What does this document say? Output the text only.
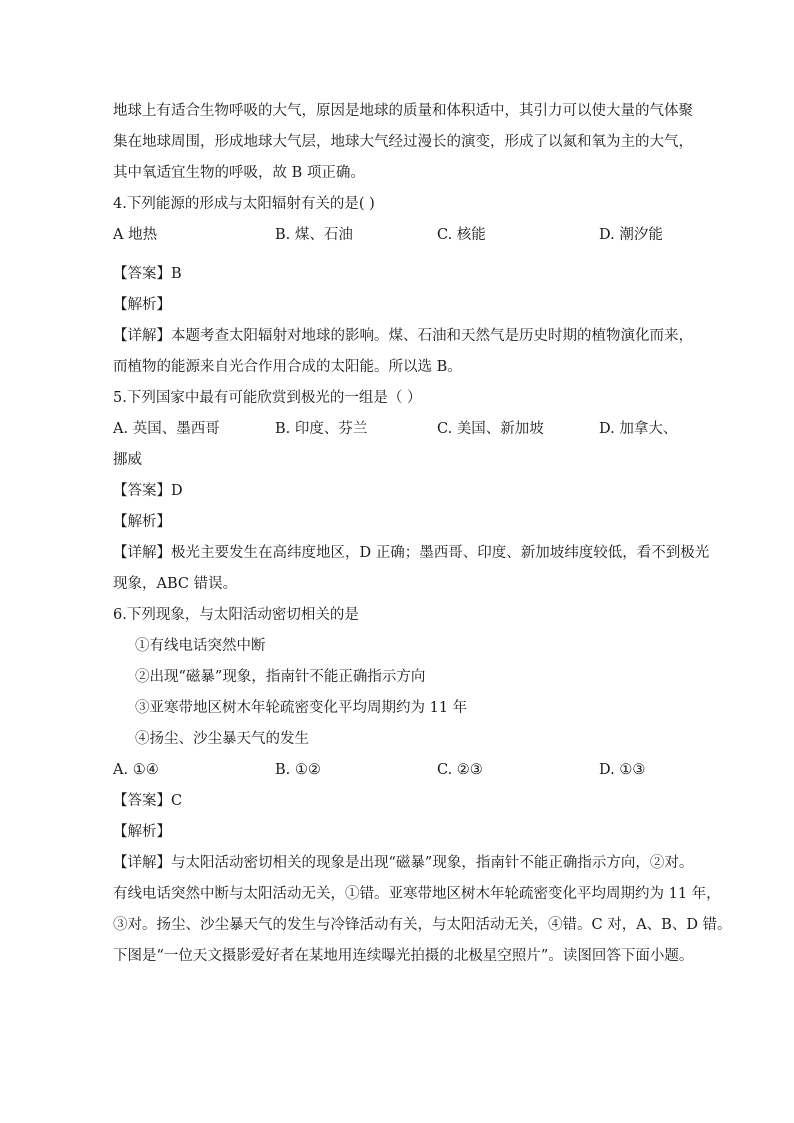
地球上有适合生物呼吸的大气，原因是地球的质量和体积适中，其引力可以使大量的气体聚
集在地球周围，形成地球大气层，地球大气经过漫长的演变，形成了以氮和氧为主的大气，
其中氧适宜生物的呼吸，故 B 项正确。
4.下列能源的形成与太阳辐射有关的是( )
A 地热	B. 煤、石油	C. 核能	D. 潮汐能
【答案】B
【解析】
【详解】本题考查太阳辐射对地球的影响。煤、石油和天然气是历史时期的植物演化而来，
而植物的能源来自光合作用合成的太阳能。所以选 B。
5.下列国家中最有可能欣赏到极光的一组是（ ）
A. 英国、墨西哥	B. 印度、芬兰	C. 美国、新加坡	D. 加拿大、
挪威
【答案】D
【解析】
【详解】极光主要发生在高纬度地区，D 正确；墨西哥、印度、新加坡纬度较低，看不到极光
现象，ABC 错误。
6.下列现象，与太阳活动密切相关的是
①有线电话突然中断
②出现“磁暴”现象，指南针不能正确指示方向
③亚寒带地区树木年轮疏密变化平均周期约为 11 年
④扬尘、沙尘暴天气的发生
A. ①④	B. ①②	C. ②③	D. ①③
【答案】C
【解析】
【详解】与太阳活动密切相关的现象是出现“磁暴”现象，指南针不能正确指示方向，②对。
有线电话突然中断与太阳活动无关，①错。亚寒带地区树木年轮疏密变化平均周期约为 11 年，
③对。扬尘、沙尘暴天气的发生与冷锋活动有关，与太阳活动无关，④错。C 对，A、B、D 错。
下图是“一位天文摄影爱好者在某地用连续曝光拍摄的北极星空照片”。读图回答下面小题。
